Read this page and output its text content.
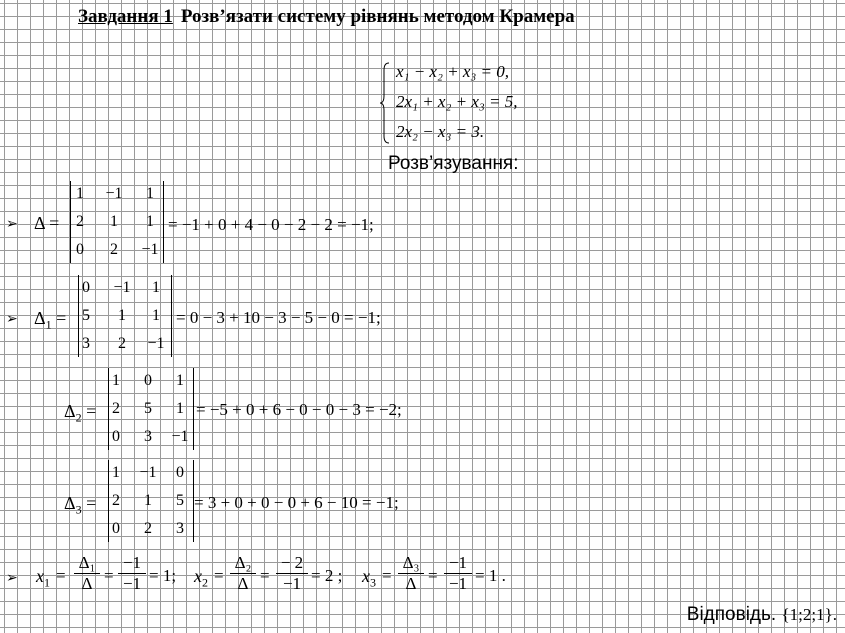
Завдання 1 Розв’язати систему рівнянь методом Крамера
x₁ − x₂ + x₃ = 0,
2x₁ + x₂ + x₃ = 5,
2x₂ − x₃ = 3.
Розв’язування:
➢ Δ =
1	−1	1
2	1	1
0	2	−1
= −1 + 0 + 4 − 0 − 2 − 2 = −1;
➢ $\Delta_1$ =
0	−1	1
5	1	1
3	2	−1
= 0 − 3 + 10 − 3 − 5 − 0 = −1;
$\Delta_2$ =
1	0	1
2	5	1
0	3	−1
= −5 + 0 + 6 − 0 − 0 − 3 = −2;
$\Delta_3$ =
1	−1	0
2	1	5
0	2	3
= 3 + 0 + 0 − 0 + 6 − 10 = −1;
➢ $x_1 = \frac{\text{Δ₁}}{\Delta} = \frac{-1}{-1} = 1$; $x_2 = \frac{\text{Δ₂}}{\Delta} = \frac{- 2}{-1} = 2$ ; $x_3 = \frac{\text{Δ₃}}{\Delta} = \frac{-1}{-1} = 1$ .
Відповідь. {1;2;1}.
